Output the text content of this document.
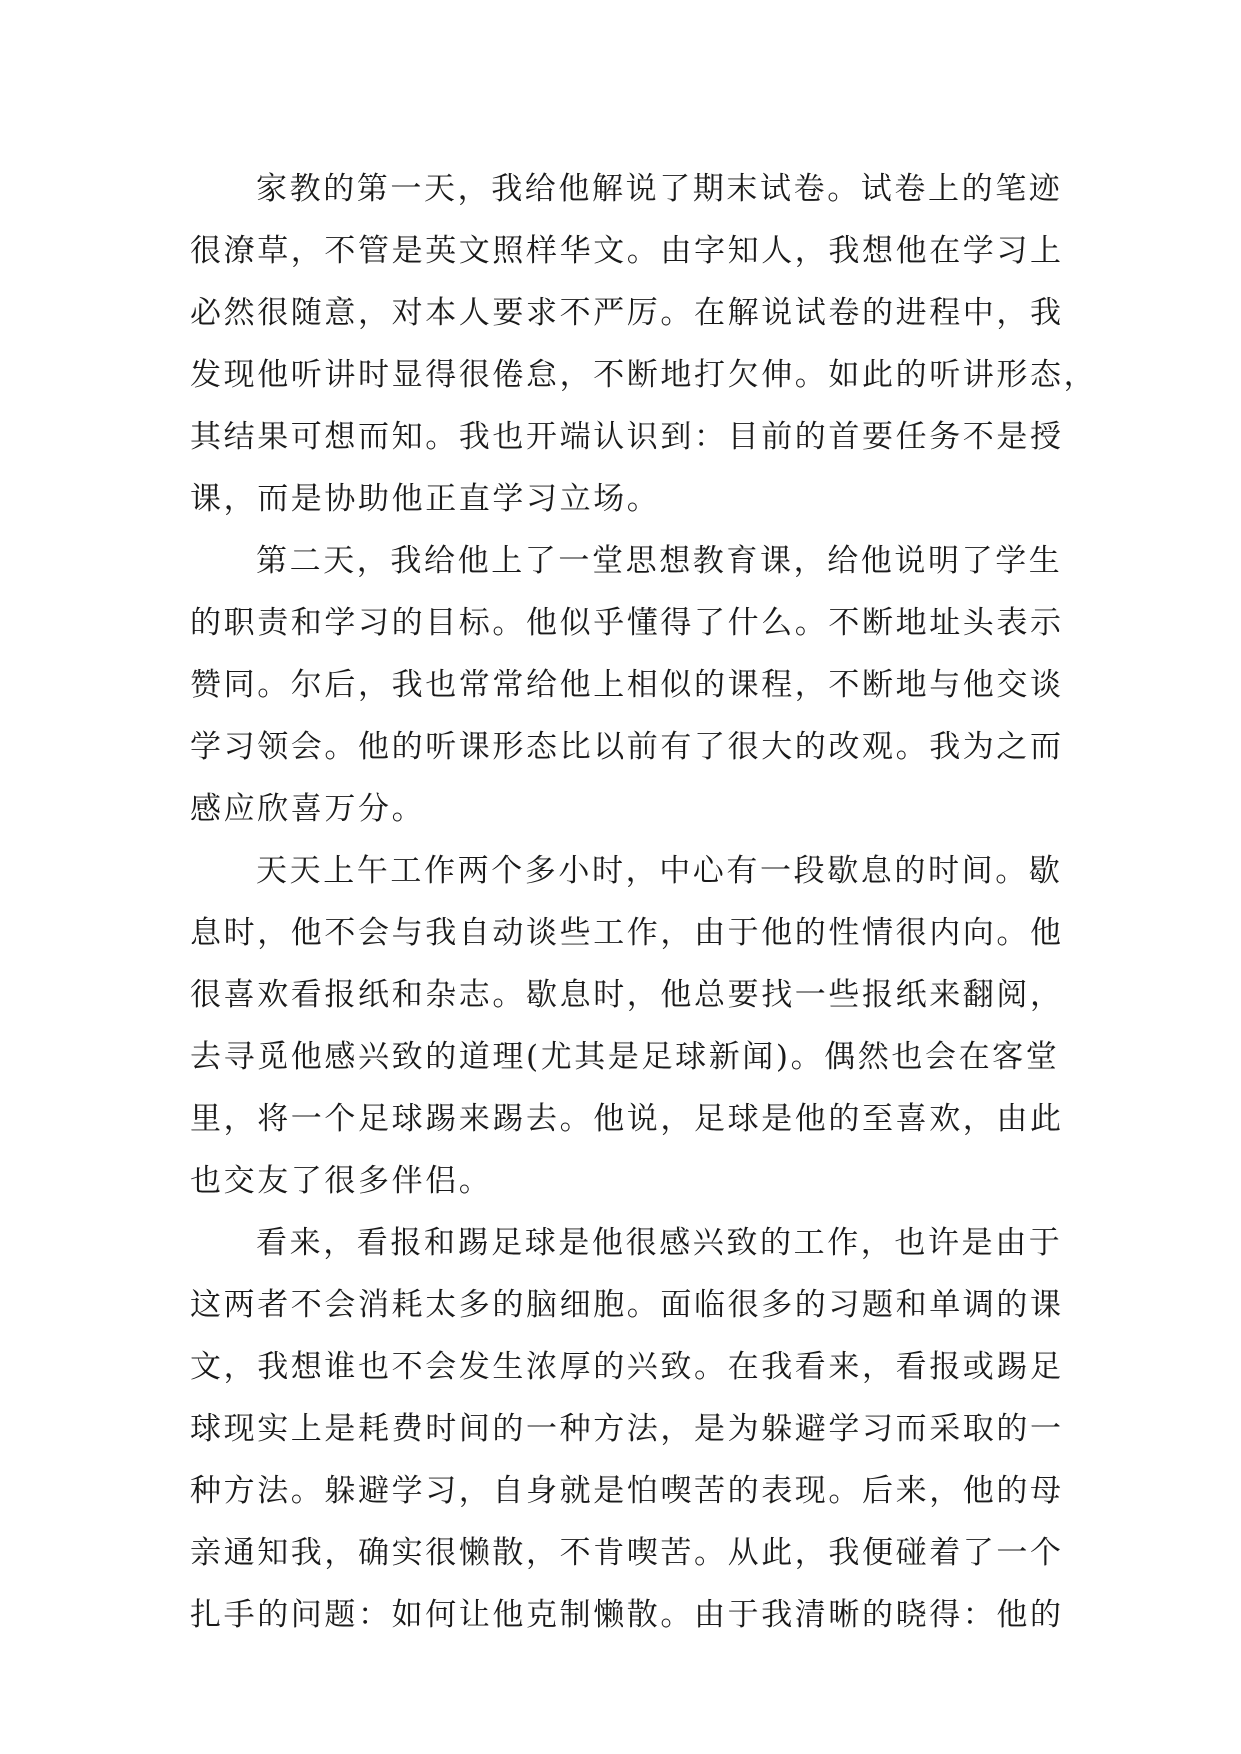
家教的第一天，我给他解说了期末试卷。试卷上的笔迹
很潦草，不管是英文照样华文。由字知人，我想他在学习上
必然很随意，对本人要求不严厉。在解说试卷的进程中，我
发现他听讲时显得很倦怠，不断地打欠伸。如此的听讲形态，
其结果可想而知。我也开端认识到：目前的首要任务不是授
课，而是协助他正直学习立场。
第二天，我给他上了一堂思想教育课，给他说明了学生
的职责和学习的目标。他似乎懂得了什么。不断地址头表示
赞同。尔后，我也常常给他上相似的课程，不断地与他交谈
学习领会。他的听课形态比以前有了很大的改观。我为之而
感应欣喜万分。
天天上午工作两个多小时，中心有一段歇息的时间。歇
息时，他不会与我自动谈些工作，由于他的性情很内向。他
很喜欢看报纸和杂志。歇息时，他总要找一些报纸来翻阅，
去寻觅他感兴致的道理(尤其是足球新闻)。偶然也会在客堂
里，将一个足球踢来踢去。他说，足球是他的至喜欢，由此
也交友了很多伴侣。
看来，看报和踢足球是他很感兴致的工作，也许是由于
这两者不会消耗太多的脑细胞。面临很多的习题和单调的课
文，我想谁也不会发生浓厚的兴致。在我看来，看报或踢足
球现实上是耗费时间的一种方法，是为躲避学习而采取的一
种方法。躲避学习，自身就是怕喫苦的表现。后来，他的母
亲通知我，确实很懒散，不肯喫苦。从此，我便碰着了一个
扎手的问题：如何让他克制懒散。由于我清晰的晓得：他的
